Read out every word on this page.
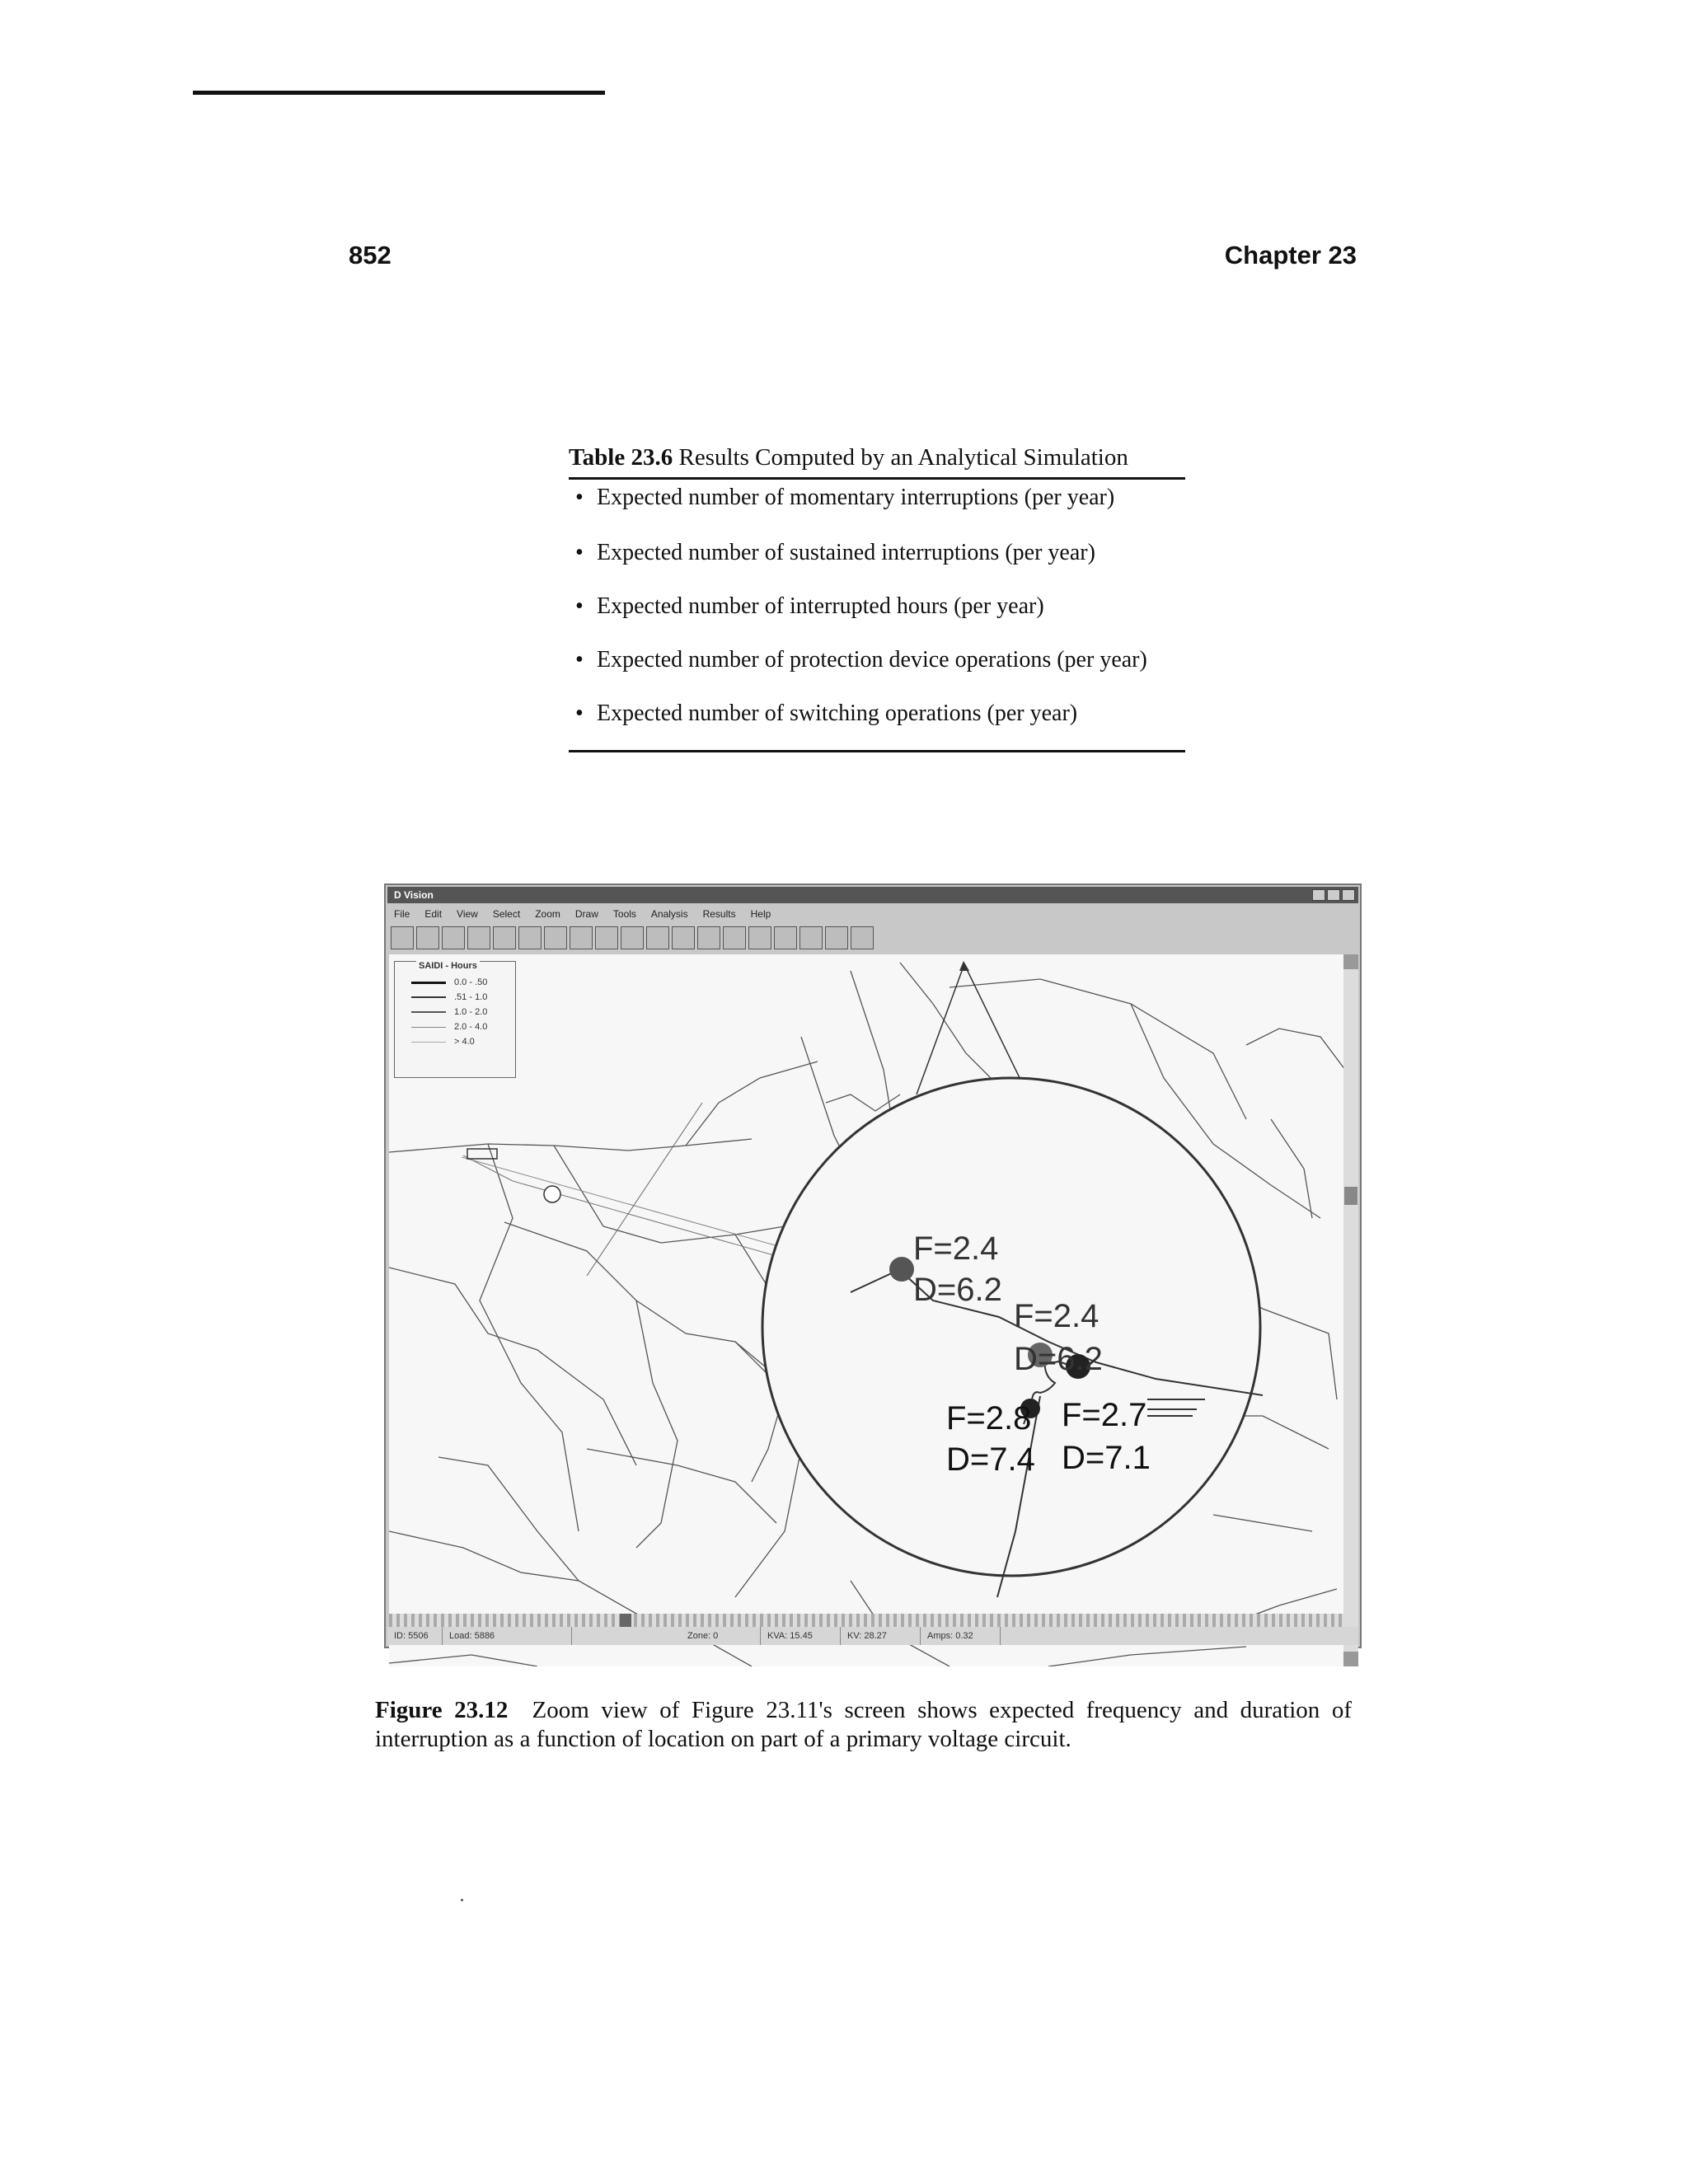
852	Chapter 23
Table 23.6 Results Computed by an Analytical Simulation
• Expected number of momentary interruptions (per year)
• Expected number of sustained interruptions (per year)
• Expected number of interrupted hours (per year)
• Expected number of protection device operations (per year)
• Expected number of switching operations (per year)
D Vision
File Edit View Select Zoom Draw Tools Analysis Results Help
F=2.4
D=6.2
F=2.4
D=6.2
F=2.8
D=7.4
F=2.7
D=7.1
SAIDI - Hours
0.0 - .50
.51 - 1.0
1.0 - 2.0
2.0 - 4.0
> 4.0
ID: 5506	Load: 5886	Zone: 0	KVA: 15.45	KV: 28.27	Amps: 0.32
Figure 23.12 Zoom view of Figure 23.11's screen shows expected frequency and duration of interruption as a function of location on part of a primary voltage circuit.
